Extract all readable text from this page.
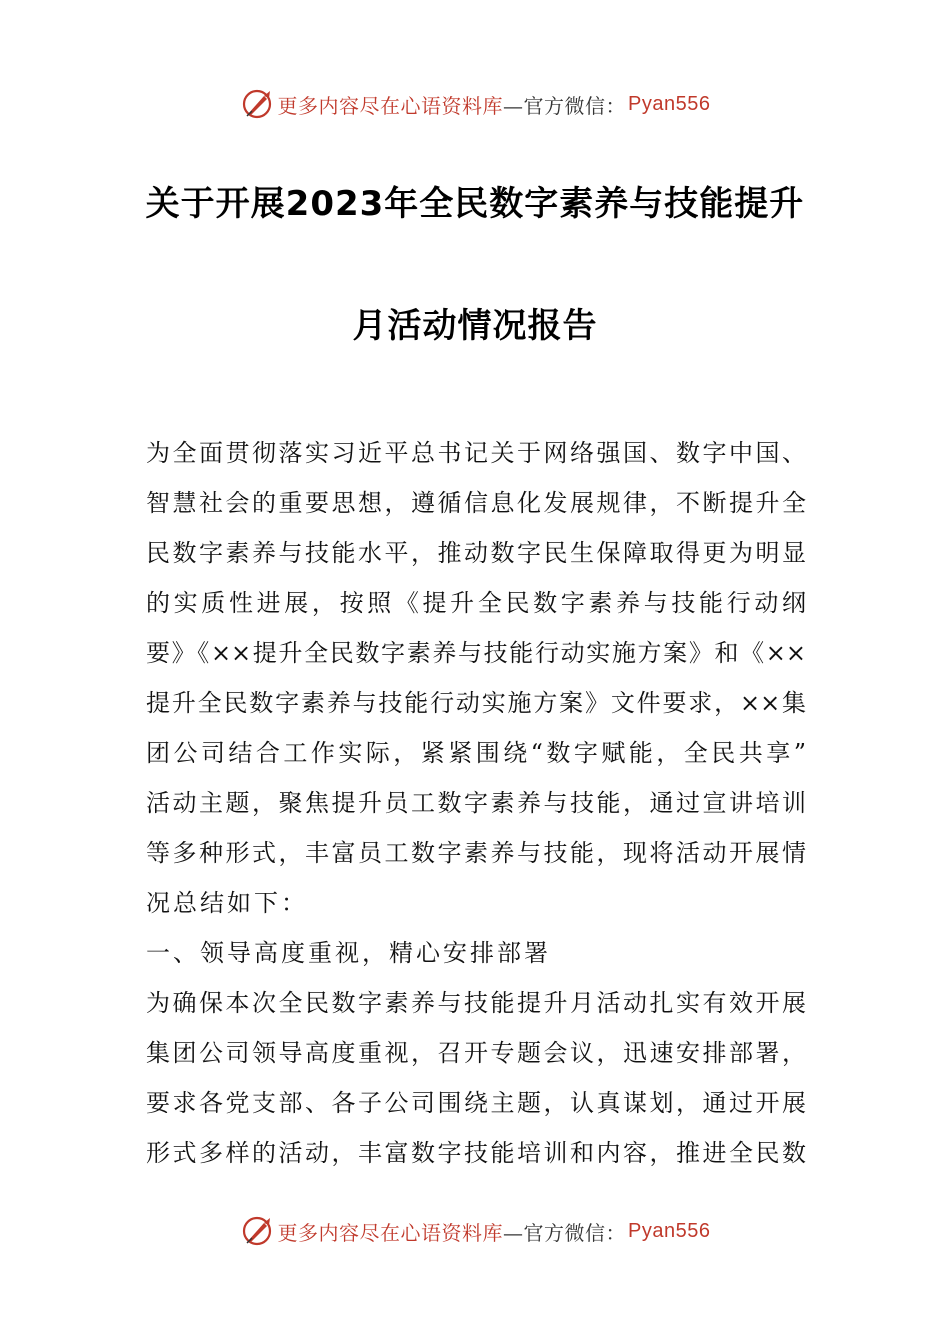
更多内容尽在心语资料库 —官方微信： Pyan556
关于开展2023年全民数字素养与技能提升
月活动情况报告
为全面贯彻落实习近平总书记关于网络强国、数字中国、
智慧社会的重要思想，遵循信息化发展规律，不断提升全
民数字素养与技能水平，推动数字民生保障取得更为明显
的实质性进展，按照《提升全民数字素养与技能行动纲
要》《××提升全民数字素养与技能行动实施方案》和《××
提升全民数字素养与技能行动实施方案》文件要求，××集
团公司结合工作实际，紧紧围绕“数字赋能，全民共享”
活动主题，聚焦提升员工数字素养与技能，通过宣讲培训
等多种形式，丰富员工数字素养与技能，现将活动开展情
况总结如下：
一、领导高度重视，精心安排部署
为确保本次全民数字素养与技能提升月活动扎实有效开展
集团公司领导高度重视，召开专题会议，迅速安排部署，
要求各党支部、各子公司围绕主题，认真谋划，通过开展
形式多样的活动，丰富数字技能培训和内容，推进全民数
更多内容尽在心语资料库 —官方微信： Pyan556
